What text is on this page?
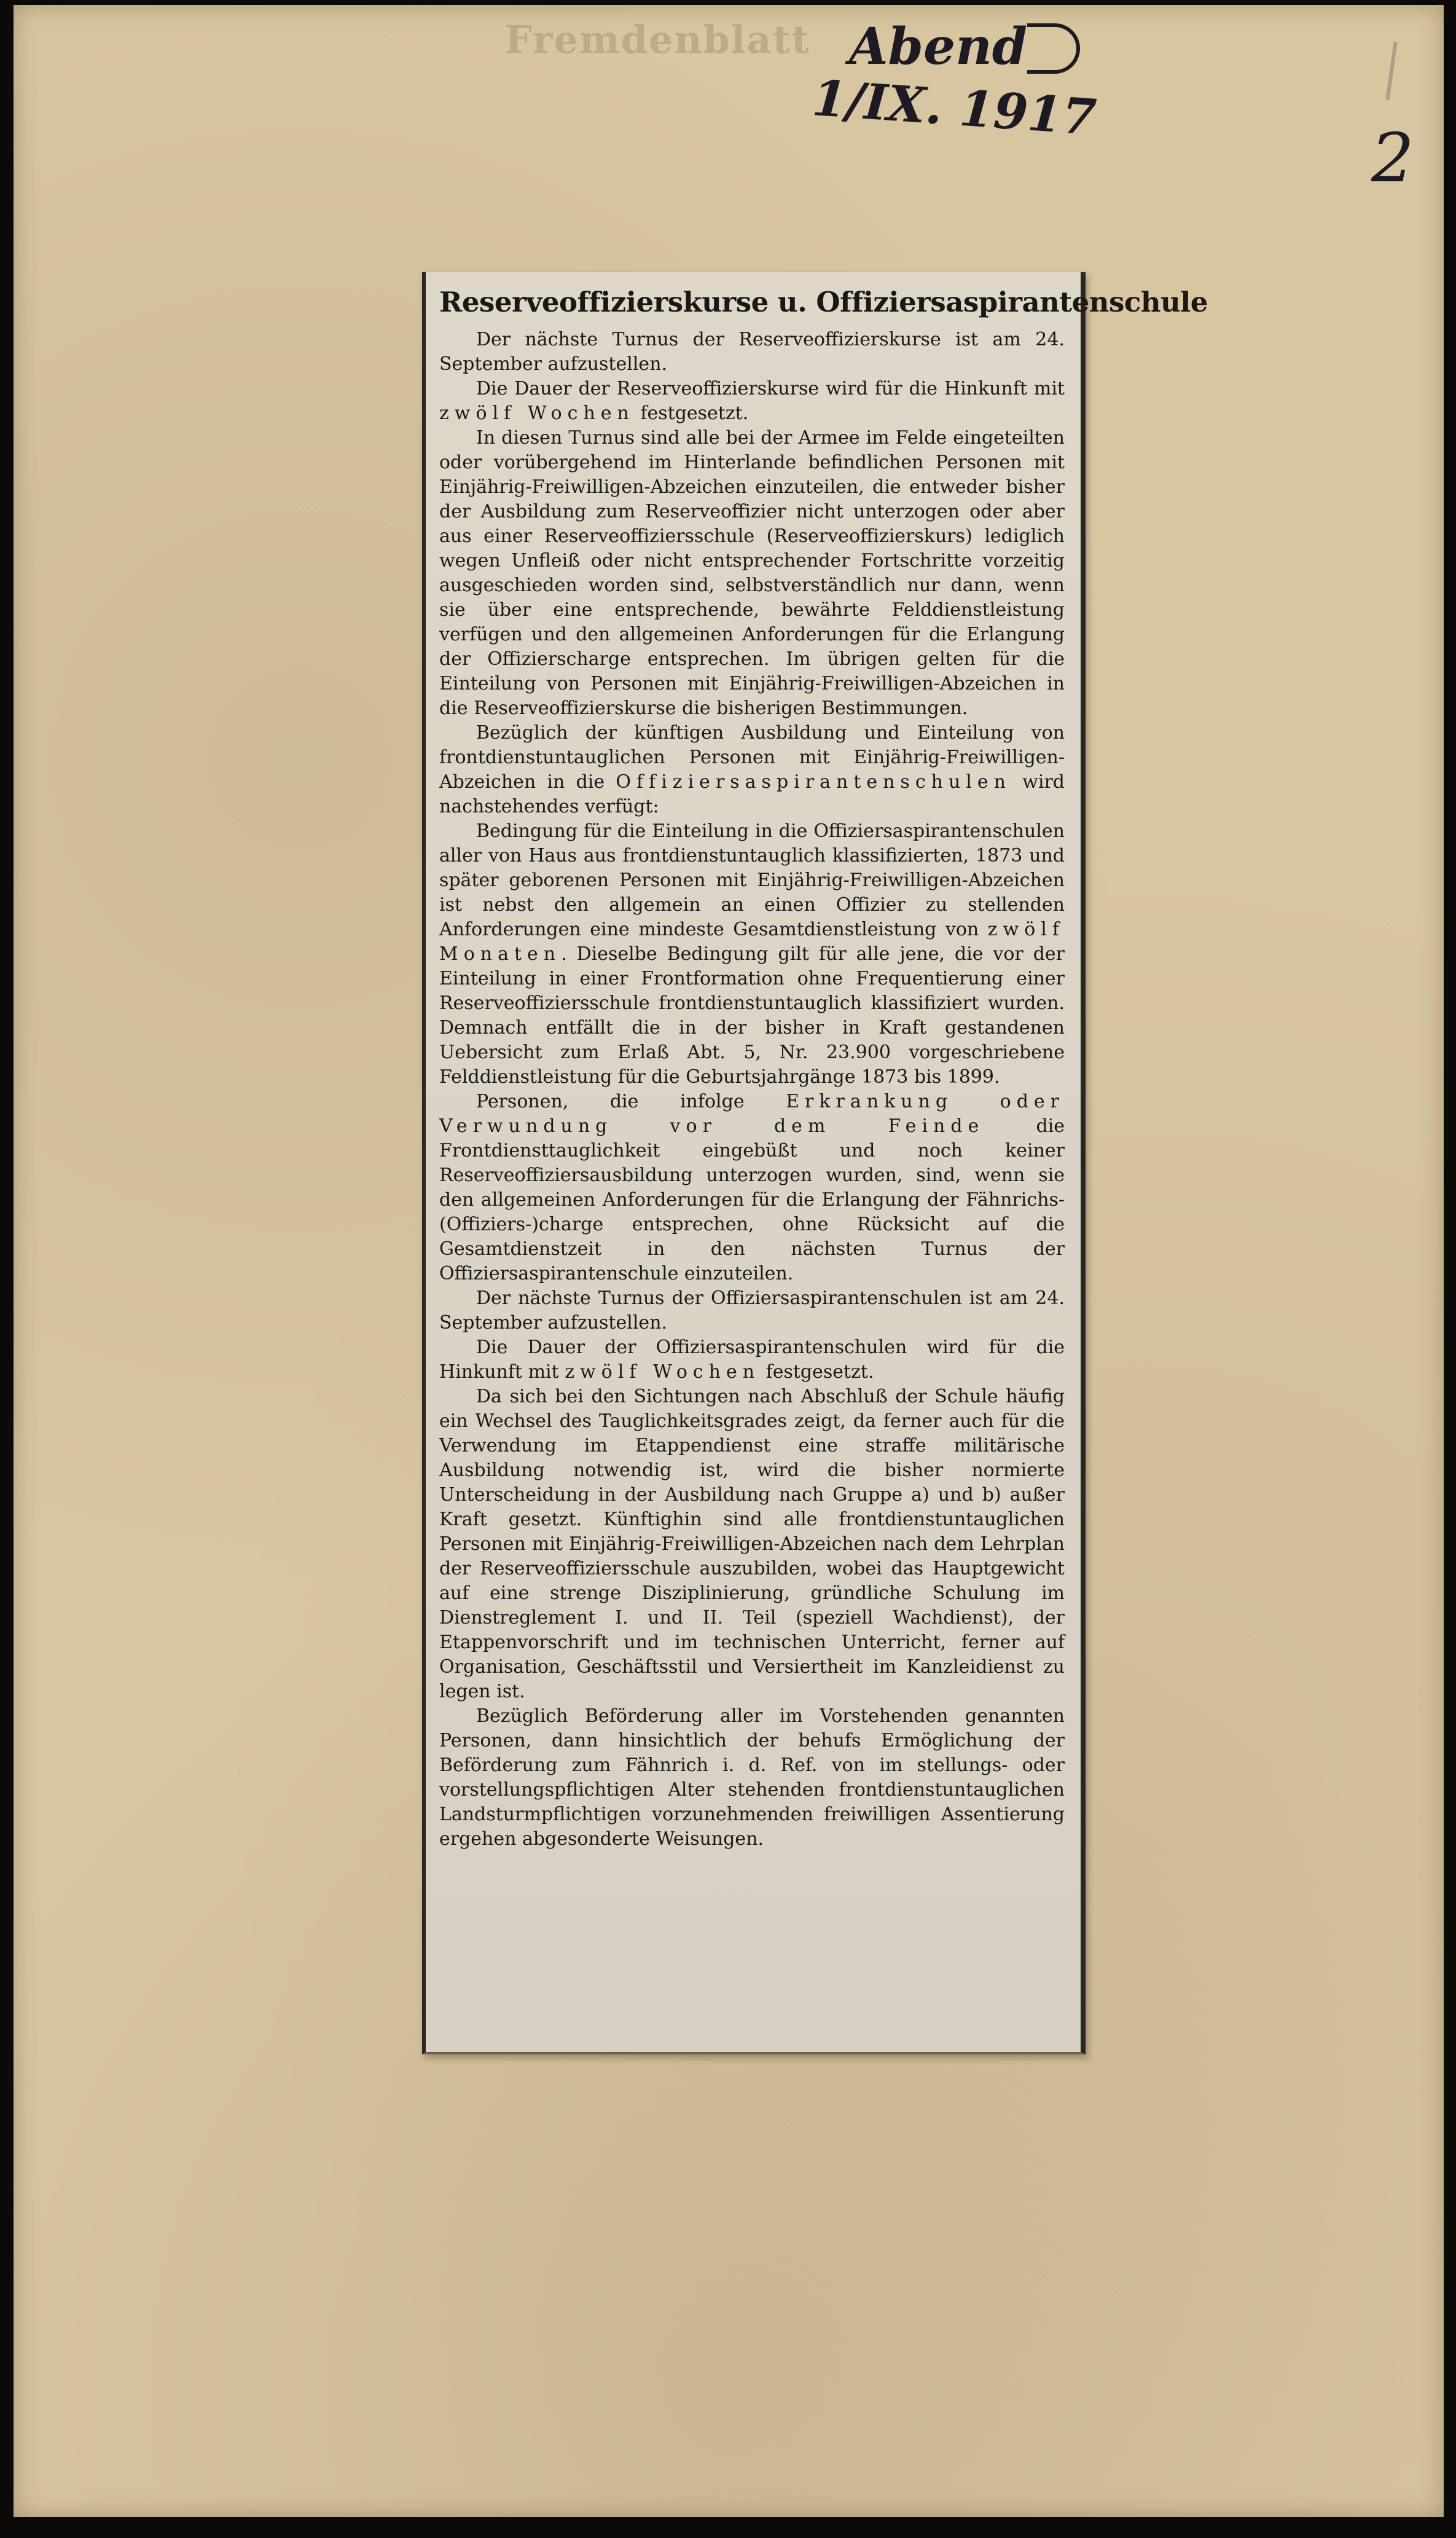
Fremdenblatt Abend
1/IX. 1917
2
Reserveoffizierskurse u. Offiziersaspirantenschule

Der nächste Turnus der Reserveoffizierskurse ist am 24. September aufzustellen.

Die Dauer der Reserveoffizierskurse wird für die Hinkunft mit zwölf Wochen festgesetzt.

In diesen Turnus sind alle bei der Armee im Felde eingeteilten oder vorübergehend im Hinterlande befindlichen Personen mit Einjährig-Freiwilligen-Abzeichen einzuteilen, die entweder bisher der Ausbildung zum Reserveoffizier nicht unterzogen oder aber aus einer Reserveoffiziersschule (Reserveoffizierskurs) lediglich wegen Unfleiß oder nicht entsprechender Fortschritte vorzeitig ausgeschieden worden sind, selbstverständlich nur dann, wenn sie über eine entsprechende, bewährte Felddienstleistung verfügen und den allgemeinen Anforderungen für die Erlangung der Offizierscharge entsprechen. Im übrigen gelten für die Einteilung von Personen mit Einjährig-Freiwilligen-Abzeichen in die Reserveoffizierskurse die bisherigen Bestimmungen.

Bezüglich der künftigen Ausbildung und Einteilung von frontdienstuntauglichen Personen mit Einjährig-Freiwilligen-Abzeichen in die Offiziersaspirantenschulen wird nachstehendes verfügt:

Bedingung für die Einteilung in die Offiziersaspirantenschulen aller von Haus aus frontdienstuntauglich klassifizierten, 1873 und später geborenen Personen mit Einjährig-Freiwilligen-Abzeichen ist nebst den allgemein an einen Offizier zu stellenden Anforderungen eine mindeste Gesamtdienstleistung von zwölf Monaten. Dieselbe Bedingung gilt für alle jene, die vor der Einteilung in einer Frontformation ohne Frequentierung einer Reserveoffiziersschule frontdienstuntauglich klassifiziert wurden. Demnach entfällt die in der bisher in Kraft gestandenen Uebersicht zum Erlaß Abt. 5, Nr. 23.900 vorgeschriebene Felddienstleistung für die Geburtsjahrgänge 1873 bis 1899.

Personen, die infolge Erkrankung oder Verwundung vor dem Feinde die Frontdiensttauglichkeit eingebüßt und noch keiner Reserveoffiziersausbildung unterzogen wurden, sind, wenn sie den allgemeinen Anforderungen für die Erlangung der Fähnrichs-(Offiziers-)charge entsprechen, ohne Rücksicht auf die Gesamtdienstzeit in den nächsten Turnus der Offiziersaspirantenschule einzuteilen.

Der nächste Turnus der Offiziersaspirantenschulen ist am 24. September aufzustellen.

Die Dauer der Offiziersaspirantenschulen wird für die Hinkunft mit zwölf Wochen festgesetzt.

Da sich bei den Sichtungen nach Abschluß der Schule häufig ein Wechsel des Tauglichkeitsgrades zeigt, da ferner auch für die Verwendung im Etappendienst eine straffe militärische Ausbildung notwendig ist, wird die bisher normierte Unterscheidung in der Ausbildung nach Gruppe a) und b) außer Kraft gesetzt. Künftighin sind alle frontdienstuntauglichen Personen mit Einjährig-Freiwilligen-Abzeichen nach dem Lehrplan der Reserveoffiziersschule auszubilden, wobei das Hauptgewicht auf eine strenge Disziplinierung, gründliche Schulung im Dienstreglement I. und II. Teil (speziell Wachdienst), der Etappenvorschrift und im technischen Unterricht, ferner auf Organisation, Geschäftsstil und Versiertheit im Kanzleidienst zu legen ist.

Bezüglich Beförderung aller im Vorstehenden genannten Personen, dann hinsichtlich der behufs Ermöglichung der Beförderung zum Fähnrich i. d. Ref. von im stellungs- oder vorstellungspflichtigen Alter stehenden frontdienstuntauglichen Landsturmpflichtigen vorzunehmenden freiwilligen Assentierung ergehen abgesonderte Weisungen.
